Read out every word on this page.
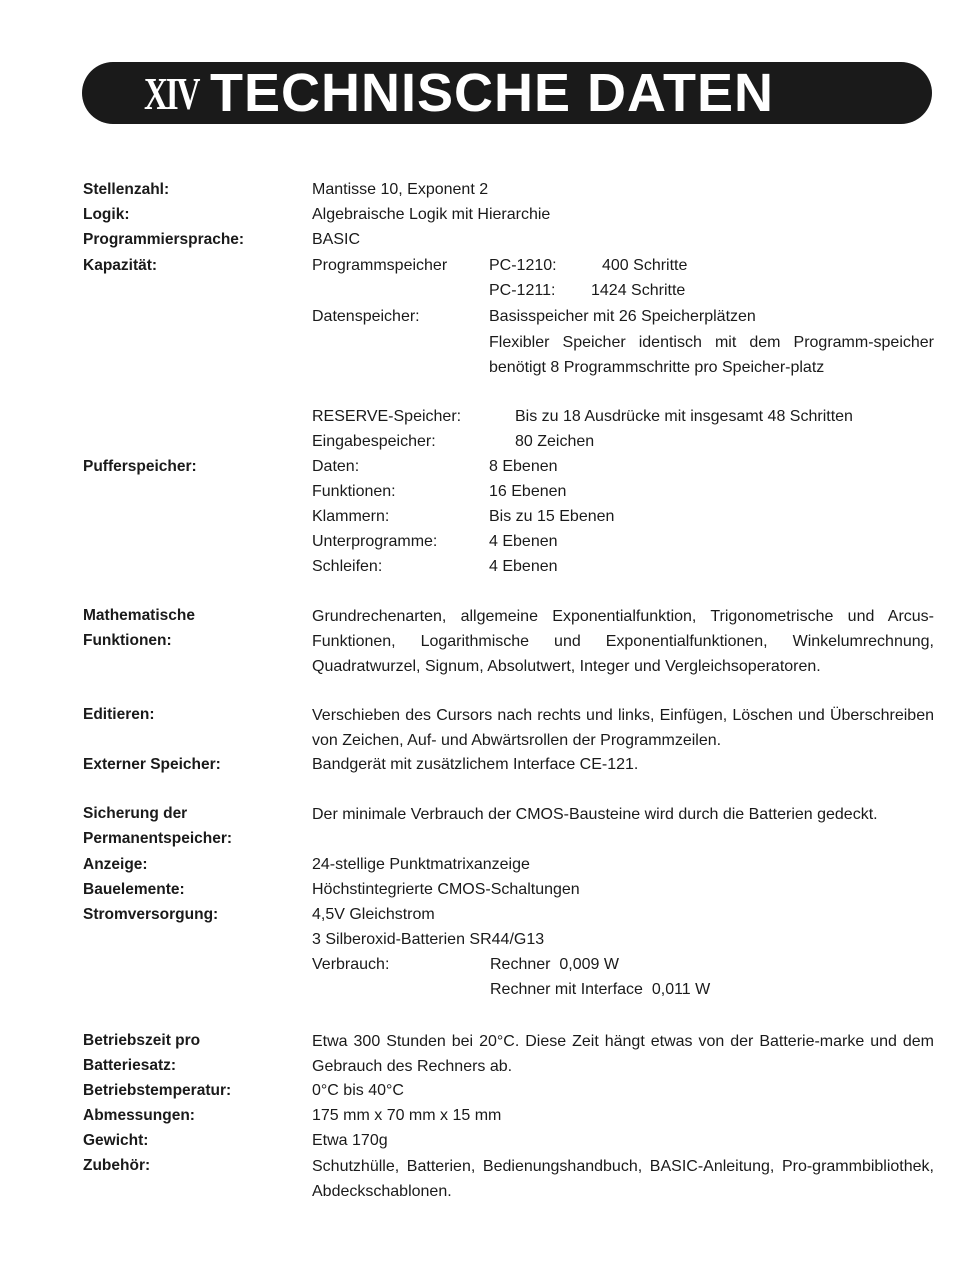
XIV TECHNISCHE DATEN
Stellenzahl:	Mantisse 10, Exponent 2
Logik:	Algebraische Logik mit Hierarchie
Programmiersprache:	BASIC
Kapazität:	Programmspeicher	PC-1210:	400 Schritte
PC-1211: 1424 Schritte
Datenspeicher:	Basisspeicher mit 26 Speicherplätzen
Flexibler Speicher identisch mit dem Programm-speicher benötigt 8 Programmschritte pro Speicher-platz
RESERVE-Speicher:	Bis zu 18 Ausdrücke mit insgesamt 48 Schritten
Eingabespeicher:	80 Zeichen
Pufferspeicher:	Daten:	8 Ebenen
Funktionen:	16 Ebenen
Klammern:	Bis zu 15 Ebenen
Unterprogramme:	4 Ebenen
Schleifen:	4 Ebenen
Mathematische
Funktionen:
Grundrechenarten, allgemeine Exponentialfunktion, Trigonometrische und Arcus-Funktionen, Logarithmische und Exponentialfunktionen, Winkelumrechnung, Quadratwurzel, Signum, Absolutwert, Integer und Vergleichsoperatoren.
Editieren:	Verschieben des Cursors nach rechts und links, Einfügen, Löschen und Überschreiben von Zeichen, Auf- und Abwärtsrollen der Programmzeilen.
Externer Speicher:	Bandgerät mit zusätzlichem Interface CE-121.
Sicherung der
Permanentspeicher:
Der minimale Verbrauch der CMOS-Bausteine wird durch die Batterien gedeckt.
Anzeige:	24-stellige Punktmatrixanzeige
Bauelemente:	Höchstintegrierte CMOS-Schaltungen
Stromversorgung:	4,5V Gleichstrom
3 Silberoxid-Batterien SR44/G13
Verbrauch:	Rechner  0,009 W
Rechner mit Interface  0,011 W
Betriebszeit pro
Batteriesatz:
Etwa 300 Stunden bei 20°C. Diese Zeit hängt etwas von der Batterie-marke und dem Gebrauch des Rechners ab.
Betriebstemperatur:	0°C bis 40°C
Abmessungen:	175 mm x 70 mm x 15 mm
Gewicht:	Etwa 170g
Zubehör:	Schutzhülle, Batterien, Bedienungshandbuch, BASIC-Anleitung, Pro-grammbibliothek, Abdeckschablonen.
